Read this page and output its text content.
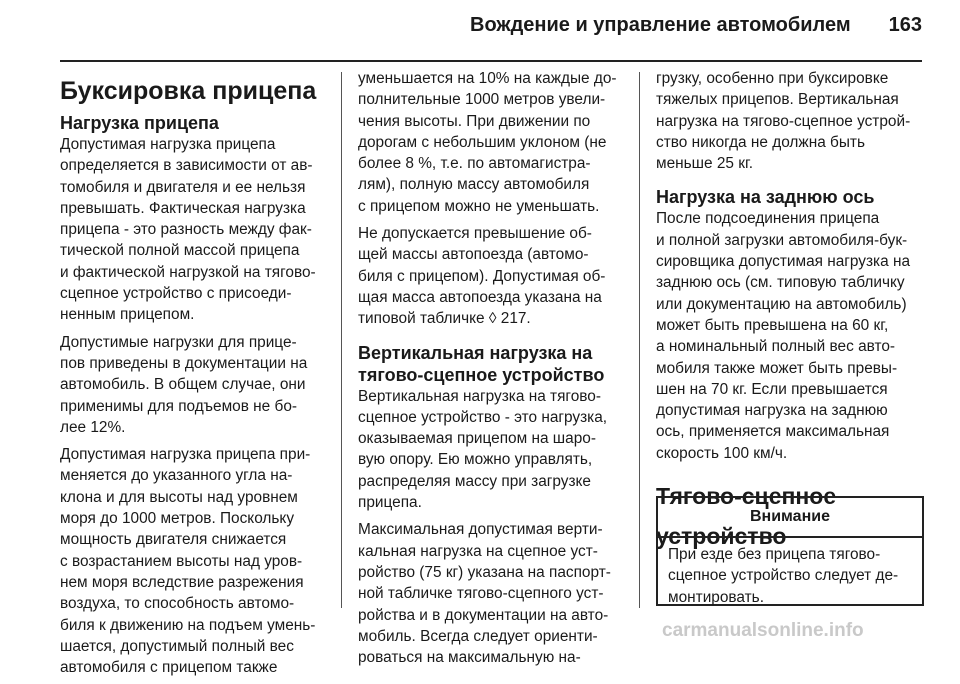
Вождение и управление автомобилем	163
Буксировка прицепа
Нагрузка прицепа

Допустимая нагрузка прицепа
определяется в зависимости от ав-
томобиля и двигателя и ее нельзя
превышать. Фактическая нагрузка
прицепа - это разность между фак-
тической полной массой прицепа
и фактической нагрузкой на тягово-
сцепное устройство с присоеди-
ненным прицепом.

Допустимые нагрузки для прице-
пов приведены в документации на
автомобиль. В общем случае, они
применимы для подъемов не бо-
лее 12%.

Допустимая нагрузка прицепа при-
меняется до указанного угла на-
клона и для высоты над уровнем
моря до 1000 метров. Поскольку
мощность двигателя снижается
с возрастанием высоты над уров-
нем моря вследствие разрежения
воздуха, то способность автомо-
биля к движению на подъем умень-
шается, допустимый полный вес
автомобиля с прицепом также

уменьшается на 10% на каждые до-
полнительные 1000 метров увели-
чения высоты. При движении по
дорогам с небольшим уклоном (не
более 8 %, т.е. по автомагистра-
лям), полную массу автомобиля
с прицепом можно не уменьшать.

Не допускается превышение об-
щей массы автопоезда (автомо-
биля с прицепом). Допустимая об-
щая масса автопоезда указана на
типовой табличке ◊ 217.

Вертикальная нагрузка на
тягово-сцепное устройство

Вертикальная нагрузка на тягово-
сцепное устройство - это нагрузка,
оказываемая прицепом на шаро-
вую опору. Ею можно управлять,
распределяя массу при загрузке
прицепа.

Максимальная допустимая верти-
кальная нагрузка на сцепное уст-
ройство (75 кг) указана на паспорт-
ной табличке тягово-сцепного уст-
ройства и в документации на авто-
мобиль. Всегда следует ориенти-
роваться на максимальную на-

грузку, особенно при буксировке
тяжелых прицепов. Вертикальная
нагрузка на тягово-сцепное устрой-
ство никогда не должна быть
меньше 25 кг.

Нагрузка на заднюю ось

После подсоединения прицепа
и полной загрузки автомобиля-бук-
сировщика допустимая нагрузка на
заднюю ось (см. типовую табличку
или документацию на автомобиль)
может быть превышена на 60 кг,
а номинальный полный вес авто-
мобиля также может быть превы-
шен на 70 кг. Если превышается
допустимая нагрузка на заднюю
ось, применяется максимальная
скорость 100 км/ч.

Тягово-сцепное
устройство
Внимание
При езде без прицепа тягово-
сцепное устройство следует де-
монтировать.
carmanualsonline.info
